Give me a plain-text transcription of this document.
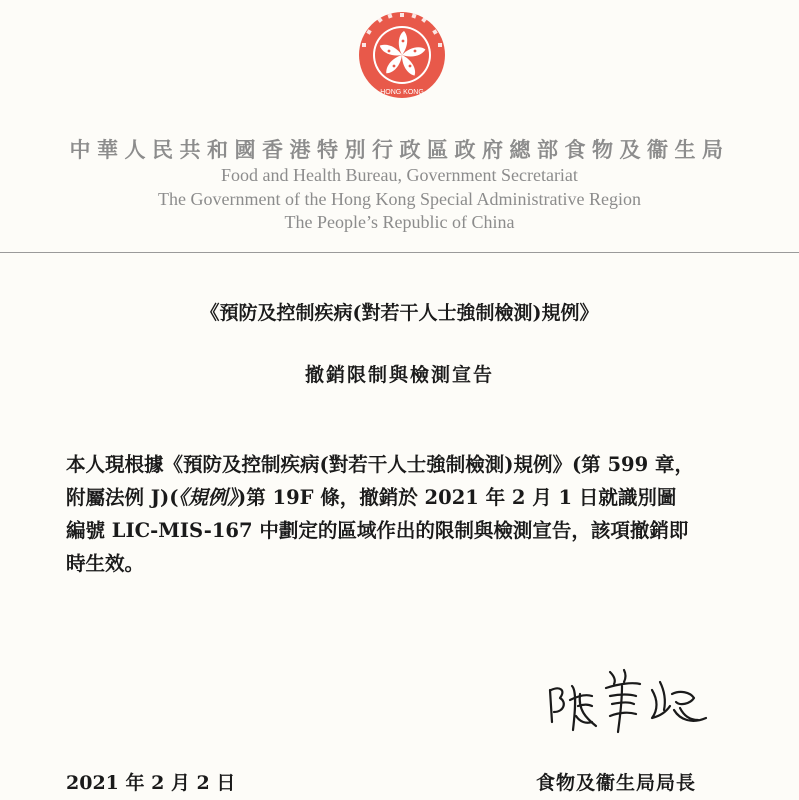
HONG KONG
中華人民共和國香港特別行政區政府總部食物及衞生局
Food and Health Bureau, Government Secretariat
The Government of the Hong Kong Special Administrative Region
The People’s Republic of China
《預防及控制疾病(對若干人士強制檢測)規例》
撤銷限制與檢測宣告

本人現根據《預防及控制疾病(對若干人士強制檢測)規例》(第 599 章，
附屬法例 J)(《規例》)第 19F 條，撤銷於 2021 年 2 月 1 日就識別圖
編號 LIC-MIS-167 中劃定的區域作出的限制與檢測宣告，該項撤銷即
時生效。

2021 年 2 月 2 日	食物及衞生局局長
